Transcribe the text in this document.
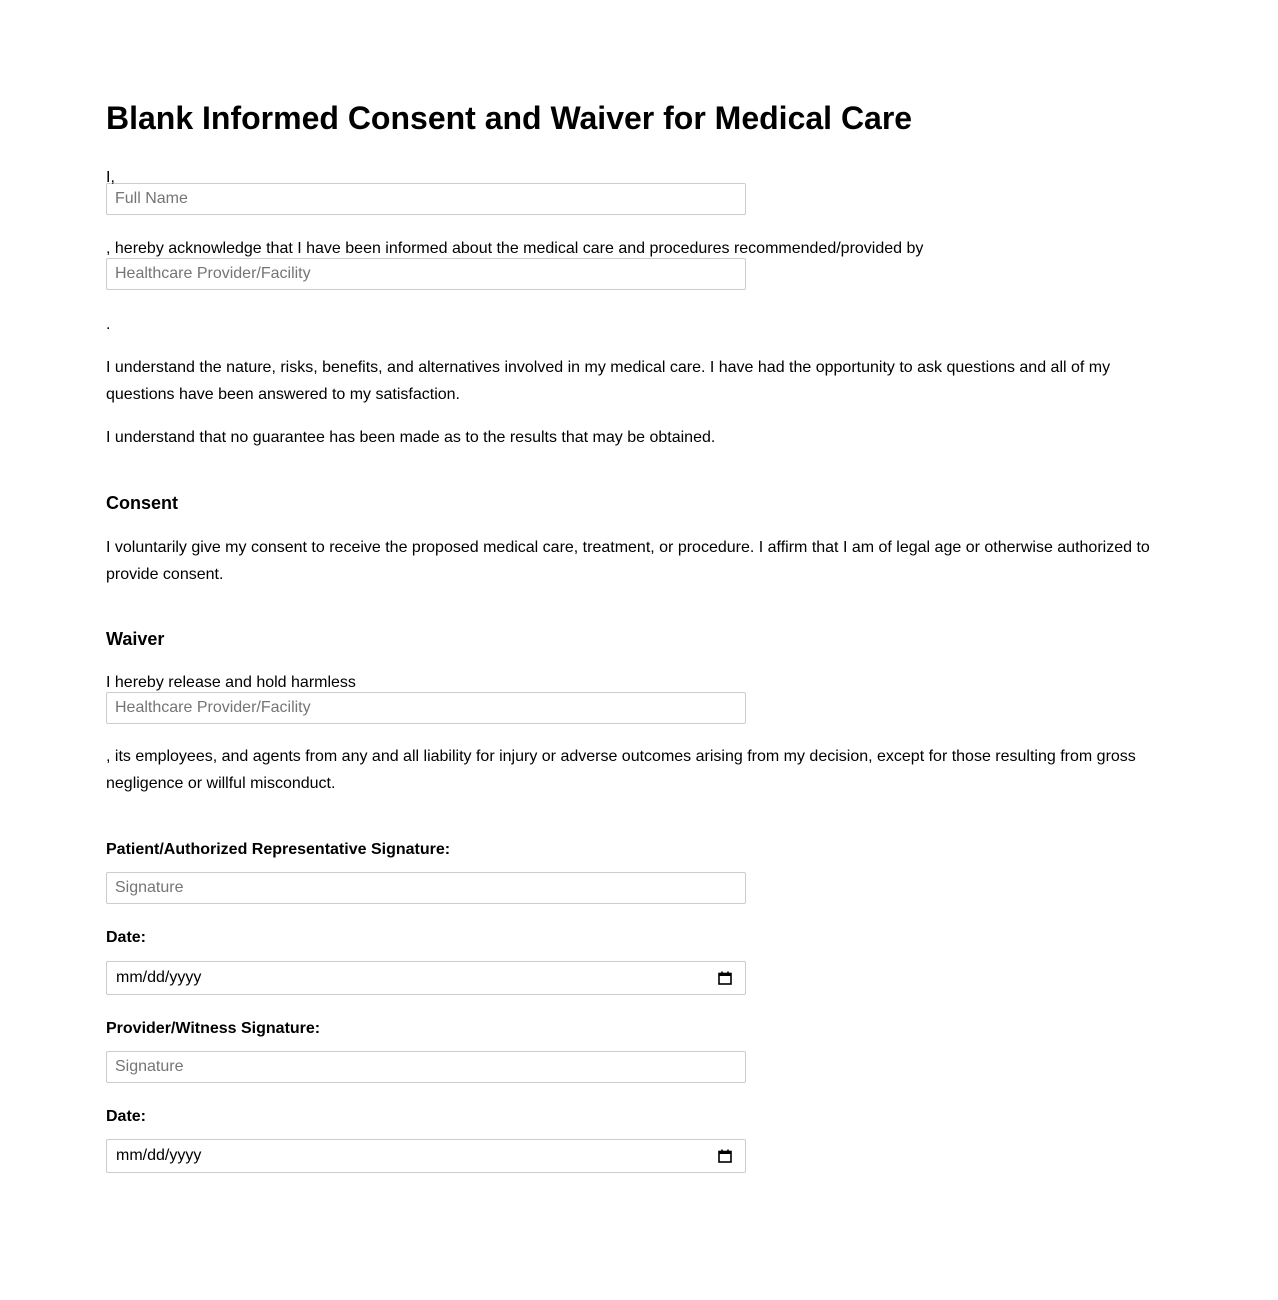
Blank Informed Consent and Waiver for Medical Care
I,
Full Name
, hereby acknowledge that I have been informed about the medical care and procedures recommended/provided by
Healthcare Provider/Facility
.

I understand the nature, risks, benefits, and alternatives involved in my medical care. I have had the opportunity to ask questions and all of my questions have been answered to my satisfaction.

I understand that no guarantee has been made as to the results that may be obtained.

Consent

I voluntarily give my consent to receive the proposed medical care, treatment, or procedure. I affirm that I am of legal age or otherwise authorized to provide consent.

Waiver
I hereby release and hold harmless
Healthcare Provider/Facility

, its employees, and agents from any and all liability for injury or adverse outcomes arising from my decision, except for those resulting from gross negligence or willful misconduct.

Patient/Authorized Representative Signature:
Signature
Date:
mm/dd/yyyy
Provider/Witness Signature:
Signature
Date:
mm/dd/yyyy
